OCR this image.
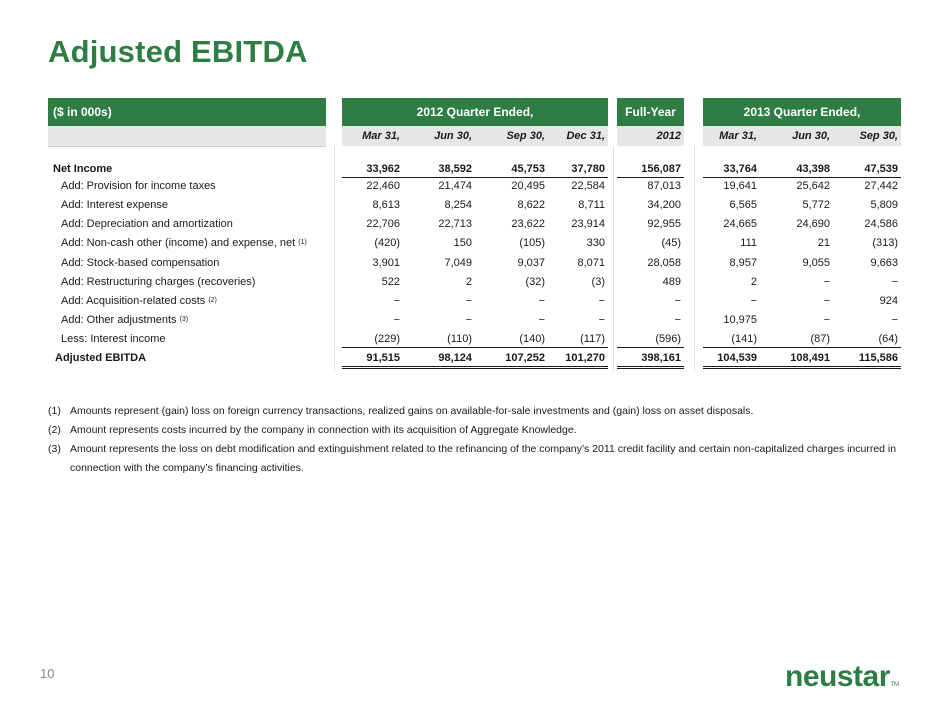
Adjusted EBITDA
($ in 000s)	2012 Quarter Ended,	Full-Year	2013 Quarter Ended,
Mar 31,	Jun 30,	Sep 30,	Dec 31,	2012	Mar 31,	Jun 30,	Sep 30,
Net Income	33,962	38,592	45,753	37,780	156,087	33,764	43,398	47,539
Add: Provision for income taxes	22,460	21,474	20,495	22,584	87,013	19,641	25,642	27,442
Add: Interest expense	8,613	8,254	8,622	8,711	34,200	6,565	5,772	5,809
Add: Depreciation and amortization	22,706	22,713	23,622	23,914	92,955	24,665	24,690	24,586
Add: Non-cash other (income) and expense, net (1)	(420)	150	(105)	330	(45)	111	21	(313)
Add: Stock-based compensation	3,901	7,049	9,037	8,071	28,058	8,957	9,055	9,663
Add: Restructuring charges (recoveries)	522	2	(32)	(3)	489	2	−	−
Add: Acquisition-related costs (2)	−	−	−	−	−	−	−	924
Add: Other adjustments (3)	−	−	−	−	−	10,975	−	−
Less: Interest income	(229)	(110)	(140)	(117)	(596)	(141)	(87)	(64)
Adjusted EBITDA	91,515	98,124	107,252	101,270	398,161	104,539	108,491	115,586
(1) Amounts represent (gain) loss on foreign currency transactions, realized gains on available-for-sale investments and (gain) loss on asset disposals.
(2) Amount represents costs incurred by the company in connection with its acquisition of Aggregate Knowledge.
(3) Amount represents the loss on debt modification and extinguishment related to the refinancing of the company’s 2011 credit facility and certain non-capitalized charges incurred in connection with the company’s financing activities.
10	neustarTM
